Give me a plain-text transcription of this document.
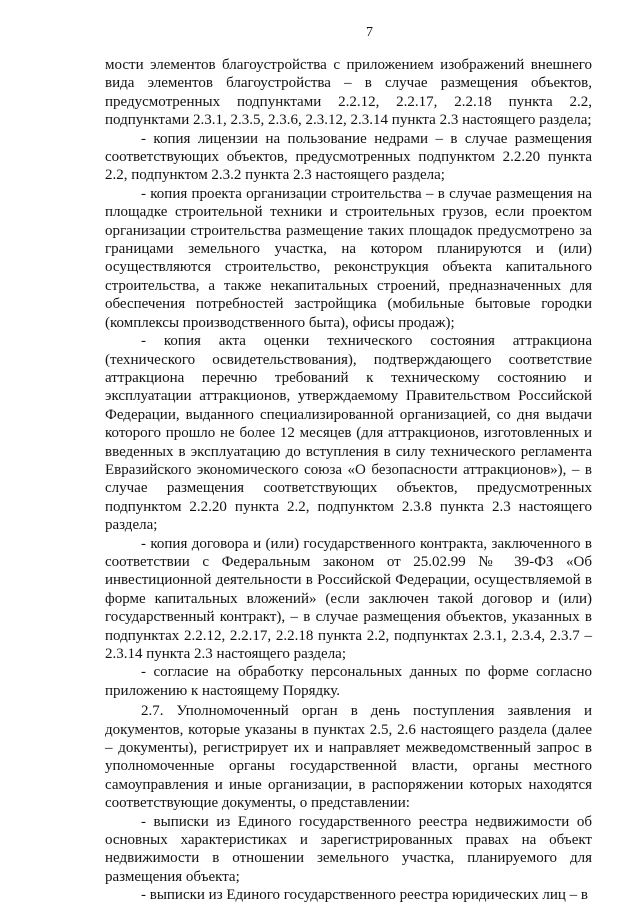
7

мости элементов благоустройства с приложением изображений внешнего вида элементов благоустройства – в случае размещения объектов, предусмотренных подпунктами 2.2.12, 2.2.17, 2.2.18 пункта 2.2, подпунктами 2.3.1, 2.3.5, 2.3.6, 2.3.12, 2.3.14 пункта 2.3 настоящего раздела;

- копия лицензии на пользование недрами – в случае размещения соответствующих объектов, предусмотренных подпунктом 2.2.20 пункта 2.2, подпунктом 2.3.2 пункта 2.3 настоящего раздела;

- копия проекта организации строительства – в случае размещения на площадке строительной техники и строительных грузов, если проектом организации строительства размещение таких площадок предусмотрено за границами земельного участка, на котором планируются и (или) осуществляются строительство, реконструкция объекта капитального строительства, а также некапитальных строений, предназначенных для обеспечения потребностей застройщика (мобильные бытовые городки (комплексы производственного быта), офисы продаж);

- копия акта оценки технического состояния аттракциона (технического освидетельствования), подтверждающего соответствие аттракциона перечню требований к техническому состоянию и эксплуатации аттракционов, утверждаемому Правительством Российской Федерации, выданного специализированной организацией, со дня выдачи которого прошло не более 12 месяцев (для аттракционов, изготовленных и введенных в эксплуатацию до вступления в силу технического регламента Евразийского экономического союза «О безопасности аттракционов»), – в случае размещения соответствующих объектов, предусмотренных подпунктом 2.2.20 пункта 2.2, подпунктом 2.3.8 пункта 2.3 настоящего раздела;

- копия договора и (или) государственного контракта, заключенного в соответствии с Федеральным законом от 25.02.99 № 39-ФЗ «Об инвестиционной деятельности в Российской Федерации, осуществляемой в форме капитальных вложений» (если заключен такой договор и (или) государственный контракт), – в случае размещения объектов, указанных в подпунктах 2.2.12, 2.2.17, 2.2.18 пункта 2.2, подпунктах 2.3.1, 2.3.4, 2.3.7 – 2.3.14 пункта 2.3 настоящего раздела;

- согласие на обработку персональных данных по форме согласно приложению к настоящему Порядку.

2.7. Уполномоченный орган в день поступления заявления и документов, которые указаны в пунктах 2.5, 2.6 настоящего раздела (далее – документы), регистрирует их и направляет межведомственный запрос в уполномоченные органы государственной власти, органы местного самоуправления и иные организации, в распоряжении которых находятся соответствующие документы, о представлении:

- выписки из Единого государственного реестра недвижимости об основных характеристиках и зарегистрированных правах на объект недвижимости в отношении земельного участка, планируемого для размещения объекта;

- выписки из Единого государственного реестра юридических лиц – в
